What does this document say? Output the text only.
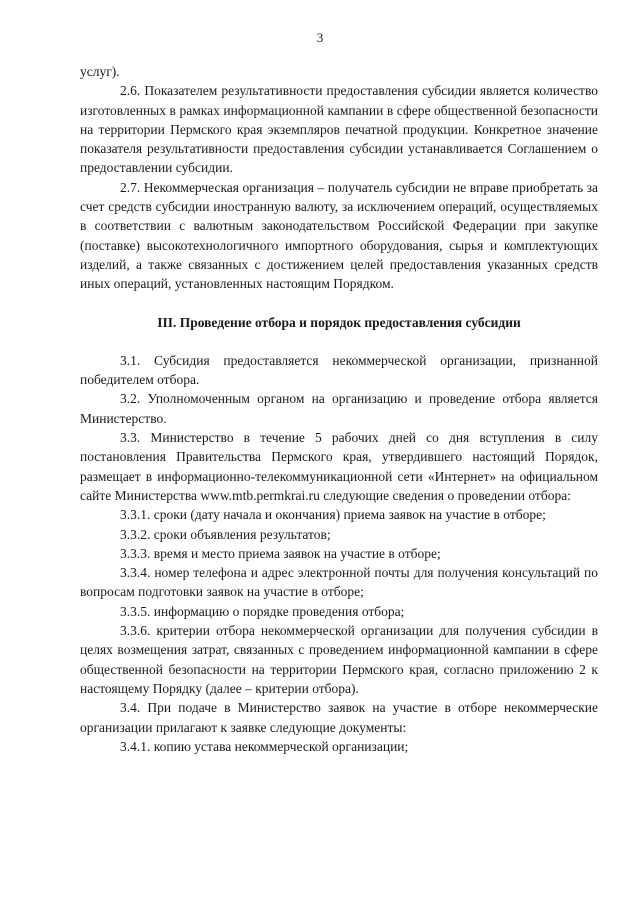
3

услуг).

2.6. Показателем результативности предоставления субсидии является количество изготовленных в рамках информационной кампании в сфере общественной безопасности на территории Пермского края экземпляров печатной продукции. Конкретное значение показателя результативности предоставления субсидии устанавливается Соглашением о предоставлении субсидии.

2.7. Некоммерческая организация – получатель субсидии не вправе приобретать за счет средств субсидии иностранную валюту, за исключением операций, осуществляемых в соответствии с валютным законодательством Российской Федерации при закупке (поставке) высокотехнологичного импортного оборудования, сырья и комплектующих изделий, а также связанных с достижением целей предоставления указанных средств иных операций, установленных настоящим Порядком.

III. Проведение отбора и порядок предоставления субсидии

3.1. Субсидия предоставляется некоммерческой организации, признанной победителем отбора.

3.2. Уполномоченным органом на организацию и проведение отбора является Министерство.

3.3. Министерство в течение 5 рабочих дней со дня вступления в силу постановления Правительства Пермского края, утвердившего настоящий Порядок, размещает в информационно-телекоммуникационной сети «Интернет» на официальном сайте Министерства www.mtb.permkrai.ru следующие сведения о проведении отбора:

3.3.1. сроки (дату начала и окончания) приема заявок на участие в отборе;

3.3.2. сроки объявления результатов;

3.3.3. время и место приема заявок на участие в отборе;

3.3.4. номер телефона и адрес электронной почты для получения консультаций по вопросам подготовки заявок на участие в отборе;

3.3.5. информацию о порядке проведения отбора;

3.3.6. критерии отбора некоммерческой организации для получения субсидии в целях возмещения затрат, связанных с проведением информационной кампании в сфере общественной безопасности на территории Пермского края, согласно приложению 2 к настоящему Порядку (далее – критерии отбора).

3.4. При подаче в Министерство заявок на участие в отборе некоммерческие организации прилагают к заявке следующие документы:

3.4.1. копию устава некоммерческой организации;
